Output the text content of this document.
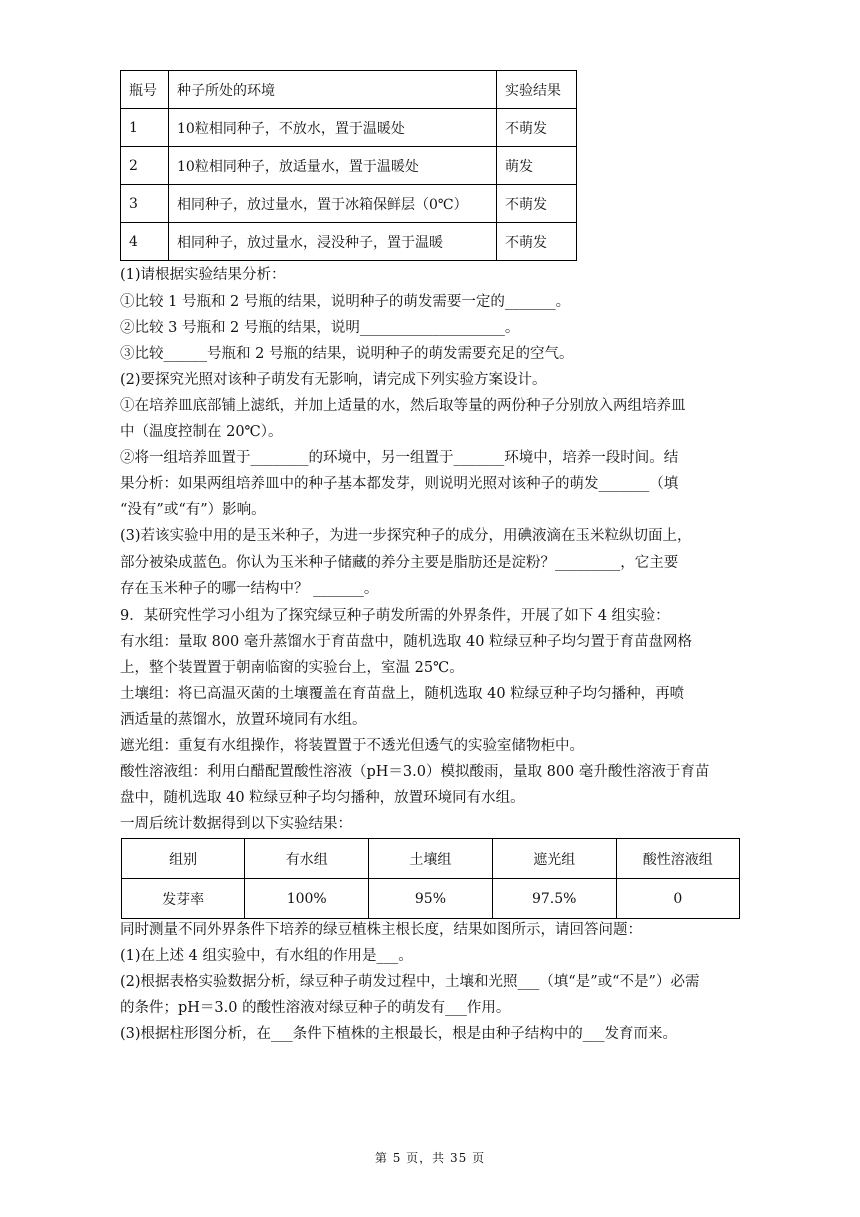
瓶号	种子所处的环境	实验结果
1	10粒相同种子，不放水，置于温暖处	不萌发
2	10粒相同种子，放适量水，置于温暖处	萌发
3	相同种子，放过量水，置于冰箱保鲜层（0℃）	不萌发
4	相同种子，放过量水，浸没种子，置于温暖	不萌发
(1)请根据实验结果分析：
①比较 1 号瓶和 2 号瓶的结果，说明种子的萌发需要一定的_______。
②比较 3 号瓶和 2 号瓶的结果，说明____________________。
③比较______号瓶和 2 号瓶的结果，说明种子的萌发需要充足的空气。
(2)要探究光照对该种子萌发有无影响，请完成下列实验方案设计。
①在培养皿底部铺上滤纸，并加上适量的水，然后取等量的两份种子分别放入两组培养皿
中（温度控制在 20℃）。
②将一组培养皿置于________的环境中，另一组置于_______环境中，培养一段时间。结
果分析：如果两组培养皿中的种子基本都发芽，则说明光照对该种子的萌发_______（填
“没有”或“有”）影响。
(3)若该实验中用的是玉米种子，为进一步探究种子的成分，用碘液滴在玉米粒纵切面上，
部分被染成蓝色。你认为玉米种子储藏的养分主要是脂肪还是淀粉？_________，它主要
存在玉米种子的哪一结构中？ _______。
9．某研究性学习小组为了探究绿豆种子萌发所需的外界条件，开展了如下 4 组实验：
有水组：量取 800 毫升蒸馏水于育苗盘中，随机选取 40 粒绿豆种子均匀置于育苗盘网格
上，整个装置置于朝南临窗的实验台上，室温 25℃。
土壤组：将已高温灭菌的土壤覆盖在育苗盘上，随机选取 40 粒绿豆种子均匀播种，再喷
洒适量的蒸馏水，放置环境同有水组。
遮光组：重复有水组操作，将装置置于不透光但透气的实验室储物柜中。
酸性溶液组：利用白醋配置酸性溶液（pH＝3.0）模拟酸雨，量取 800 毫升酸性溶液于育苗
盘中，随机选取 40 粒绿豆种子均匀播种，放置环境同有水组。
一周后统计数据得到以下实验结果：
组别	有水组	土壤组	遮光组	酸性溶液组
发芽率	100%	95%	97.5%	0
同时测量不同外界条件下培养的绿豆植株主根长度，结果如图所示，请回答问题：
(1)在上述 4 组实验中，有水组的作用是___。
(2)根据表格实验数据分析，绿豆种子萌发过程中，土壤和光照___（填“是”或“不是”）必需
的条件；pH＝3.0 的酸性溶液对绿豆种子的萌发有___作用。
(3)根据柱形图分析，在___条件下植株的主根最长，根是由种子结构中的___发育而来。
第 5 页，共 35 页
